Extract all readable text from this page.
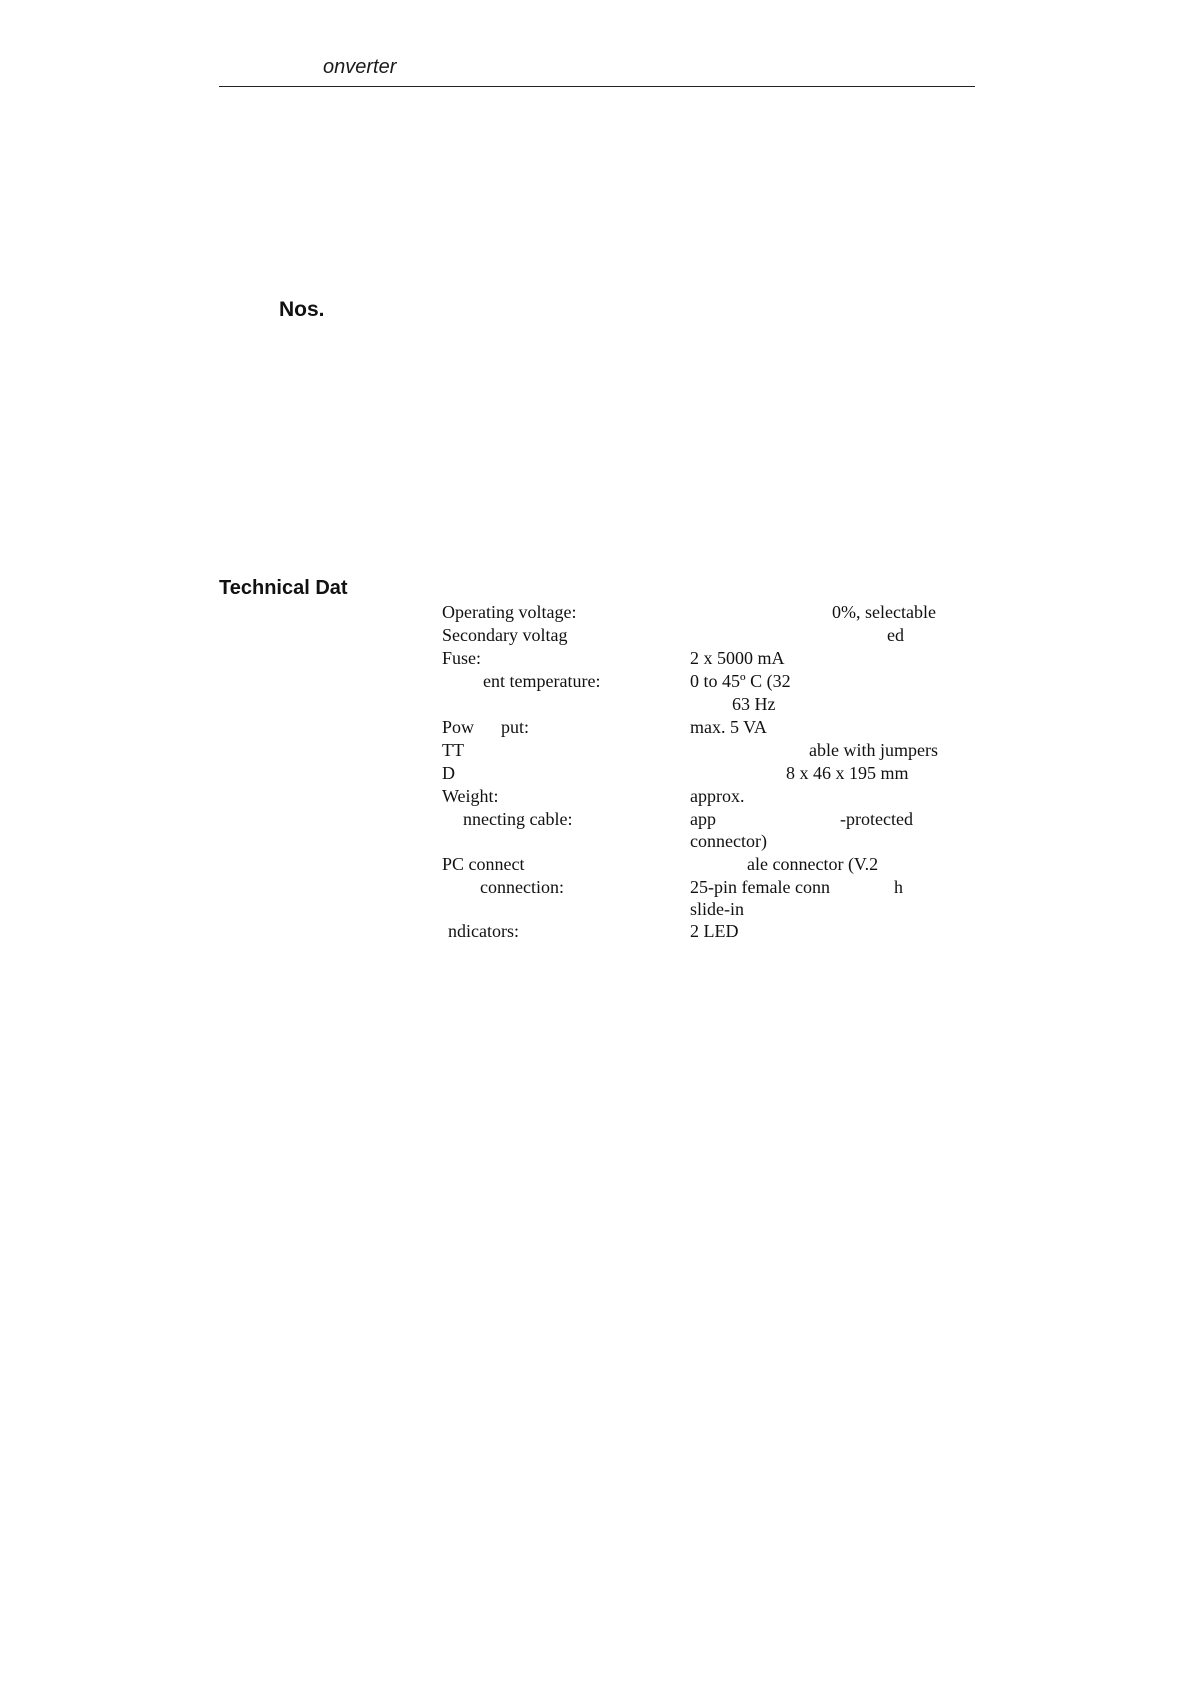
onverter
Nos.
Technical Dat
Operating voltage:	0%, selectable
Secondary voltag	ed
Fuse:	2 x 5000 mA
ent temperature:	0 to 45º C (32
63 Hz
Pow      put:	max. 5 VA
TT	able with jumpers
D	8 x 46 x 195 mm
Weight:	approx.
nnecting cable:	app	-protected
connector)
PC connect	ale connector (V.2
connection:	25-pin female conn	h
slide-in
ndicators:	2 LED
